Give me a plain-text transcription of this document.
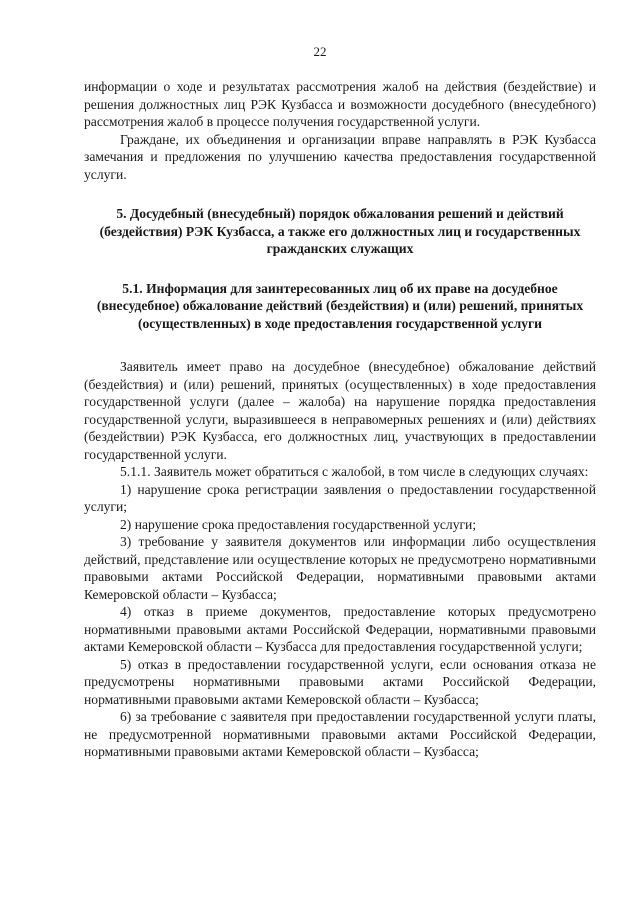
22

информации о ходе и результатах рассмотрения жалоб на действия (бездействие) и решения должностных лиц РЭК Кузбасса и возможности досудебного (внесудебного) рассмотрения жалоб в процессе получения государственной услуги.

Граждане, их объединения и организации вправе направлять в РЭК Кузбасса замечания и предложения по улучшению качества предоставления государственной услуги.

5. Досудебный (внесудебный) порядок обжалования решений и действий (бездействия) РЭК Кузбасса, а также его должностных лиц и государственных гражданских служащих

5.1. Информация для заинтересованных лиц об их праве на досудебное (внесудебное) обжалование действий (бездействия) и (или) решений, принятых (осуществленных) в ходе предоставления государственной услуги

Заявитель имеет право на досудебное (внесудебное) обжалование действий (бездействия) и (или) решений, принятых (осуществленных) в ходе предоставления государственной услуги (далее – жалоба) на нарушение порядка предоставления государственной услуги, выразившееся в неправомерных решениях и (или) действиях (бездействии) РЭК Кузбасса, его должностных лиц, участвующих в предоставлении государственной услуги.

5.1.1. Заявитель может обратиться с жалобой, в том числе в следующих случаях:

1) нарушение срока регистрации заявления о предоставлении государственной услуги;

2) нарушение срока предоставления государственной услуги;

3) требование у заявителя документов или информации либо осуществления действий, представление или осуществление которых не предусмотрено нормативными правовыми актами Российской Федерации, нормативными правовыми актами Кемеровской области – Кузбасса;

4) отказ в приеме документов, предоставление которых предусмотрено нормативными правовыми актами Российской Федерации, нормативными правовыми актами Кемеровской области – Кузбасса для предоставления государственной услуги;

5) отказ в предоставлении государственной услуги, если основания отказа не предусмотрены нормативными правовыми актами Российской Федерации, нормативными правовыми актами Кемеровской области – Кузбасса;

6) за требование с заявителя при предоставлении государственной услуги платы, не предусмотренной нормативными правовыми актами Российской Федерации, нормативными правовыми актами Кемеровской области – Кузбасса;
